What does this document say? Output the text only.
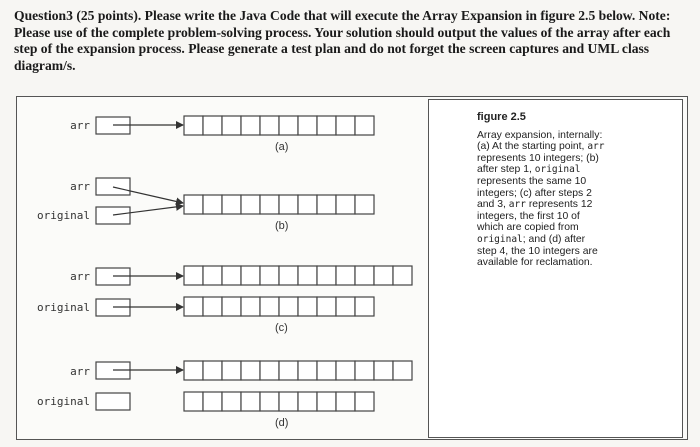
Question3 (25 points). Please write the Java Code that will execute the Array Expansion in figure 2.5 below. Note: Please use of the complete problem-solving process. Your solution should output the values of the array after each step of the expansion process. Please generate a test plan and do not forget the screen captures and UML class diagram/s.

arr
(a)
arr
original
(b)
arr
original
(c)
arr
original
(d)

figure 2.5

Array expansion, internally: (a) At the starting point, arr represents 10 integers; (b) after step 1, original represents the same 10 integers; (c) after steps 2 and 3, arr represents 12 integers, the first 10 of which are copied from original; and (d) after step 4, the 10 integers are available for reclamation.
